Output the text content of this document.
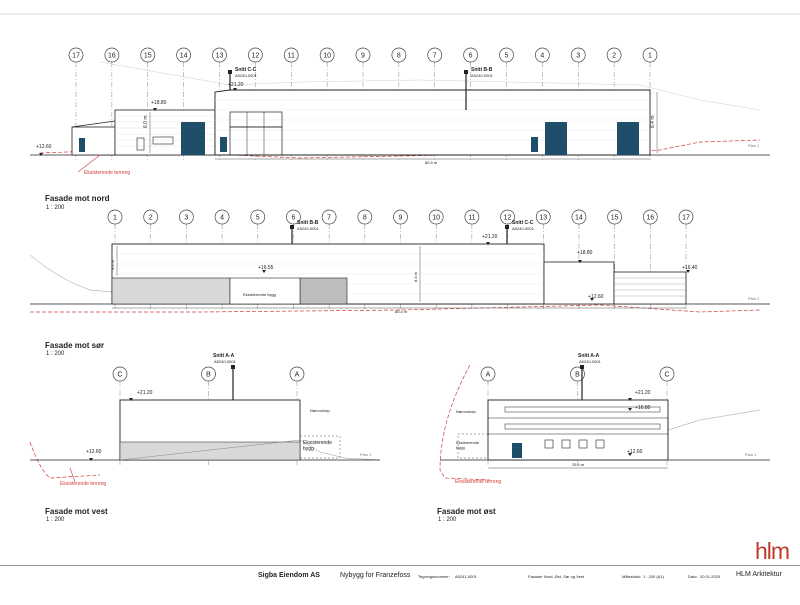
17	16	15	14	13	12	11	10	9	8	7	6	5	4	3	2	1
1	2	3	4	5	6	7	8	9	10	11	12	13	14	15	16	17
C	B	A	A	B	C
Snitt C-C
A5240-0001
Snitt B-B
A5240-0001
+21.20
+18.80
+12.60
6.0 m	8.4 m
80.4 m
Eksisterende terreng
Plan 1
Fasade mot nord
1 : 200
Snitt B-B
A5240-0001
Snitt C-C
A5240-0001
+21.20
+18.80
+16.55	+16.40
+12.60
4.4 m
8.4 m
80.4 m
Eksisterende bygg
Plan 1
Fasade mot sør
1 : 200	Snitt A-A
A5240-0001
+21.20
+12.60
Nærvorkep
Eksisterende bygg
Eksisterende terreng
Plan 1
Fasade mot vest
1 : 200
Snitt A-A
A5240-0001
+21.20
+16.80
+12.60
Nærvorkep
Eksisterende bygg
Eksisterende terreng
25.4 m
Plan 1
Fasade mot øst
1 : 200
hlm
Sigba Eiendom AS	Nybygg for Franzefoss Tegningsnummer: A5241-0001	Fasader Nord, Øst, Sør og Vest	Målestokk: 1 : 200 (A1)	Dato: 20.01.2025 HLM Arkitektur
